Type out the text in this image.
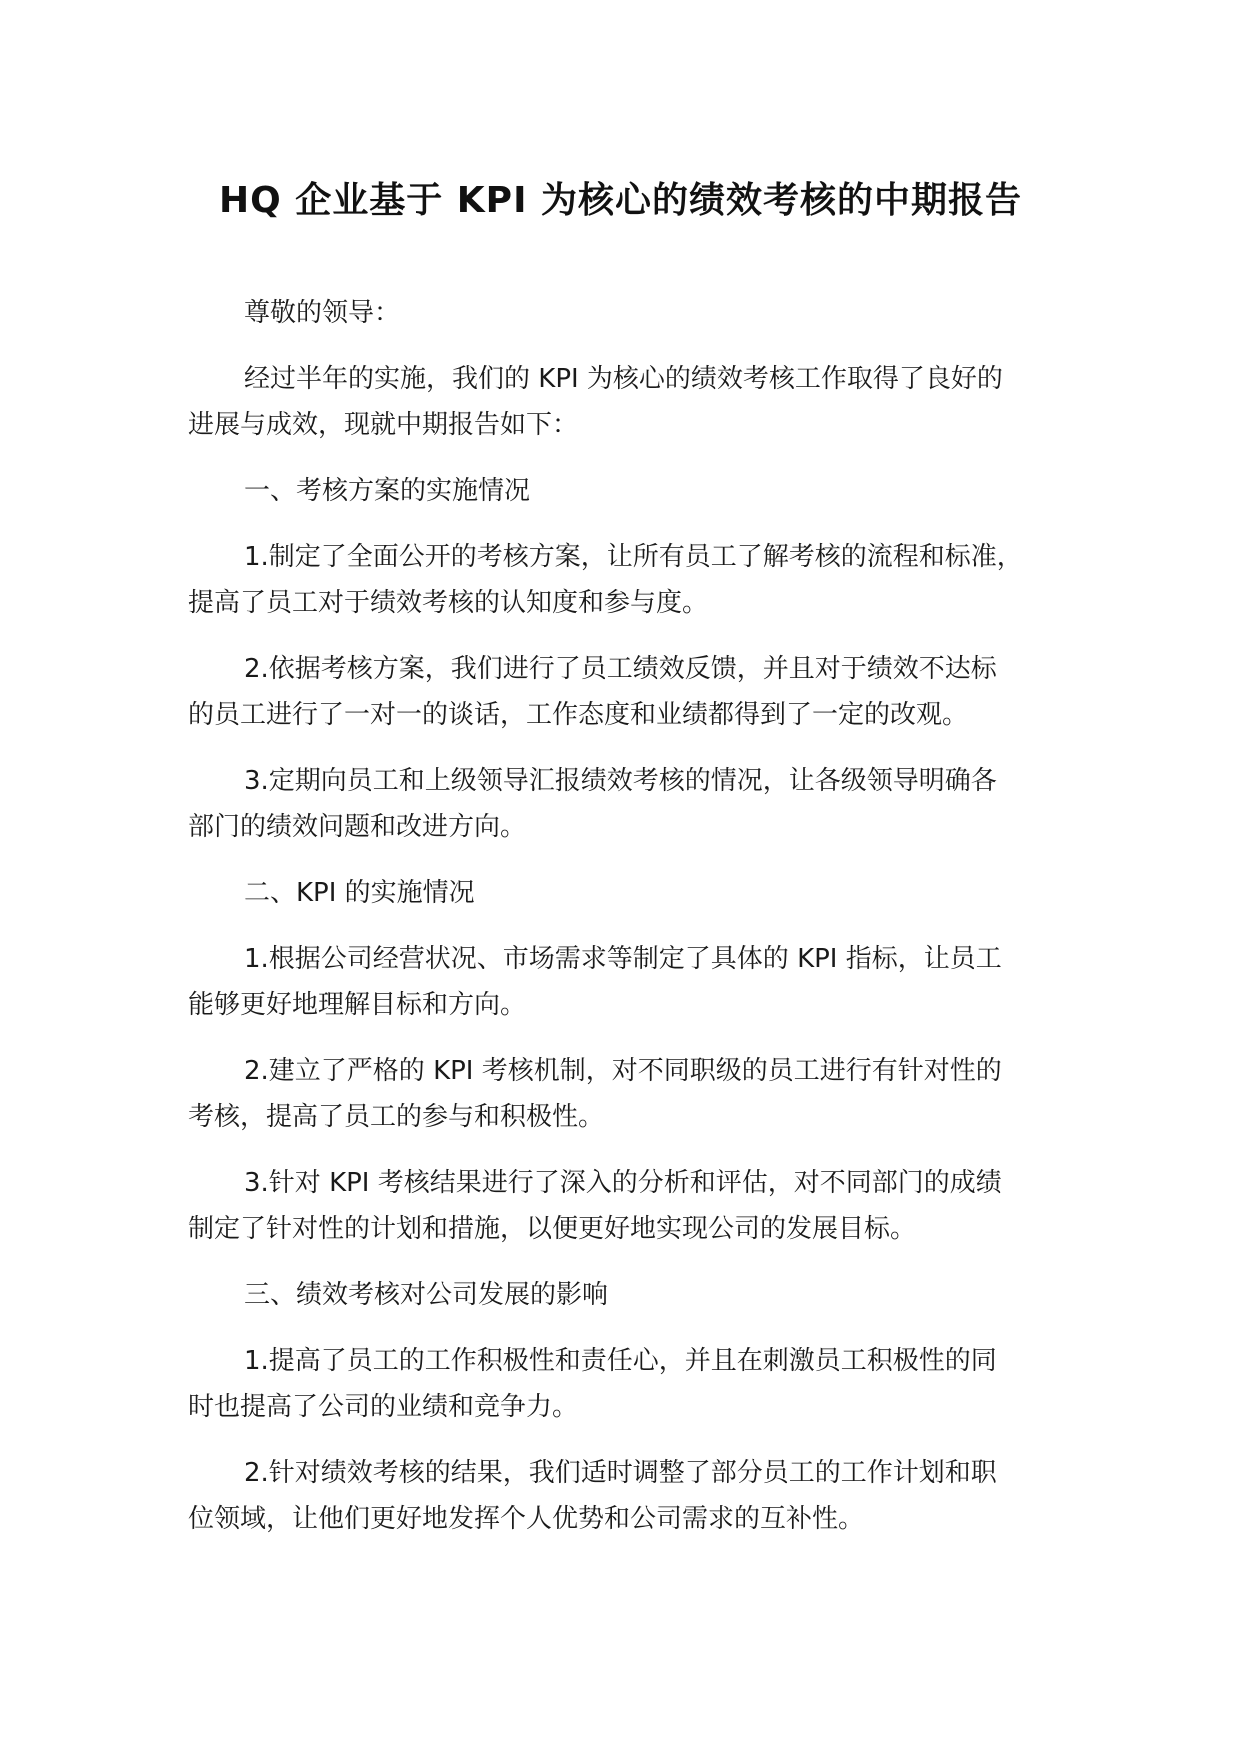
HQ 企业基于 KPI 为核心的绩效考核的中期报告

尊敬的领导：

经过半年的实施，我们的 KPI 为核心的绩效考核工作取得了良好的
进展与成效，现就中期报告如下：

一、考核方案的实施情况

1.制定了全面公开的考核方案，让所有员工了解考核的流程和标准，
提高了员工对于绩效考核的认知度和参与度。

2.依据考核方案，我们进行了员工绩效反馈，并且对于绩效不达标
的员工进行了一对一的谈话，工作态度和业绩都得到了一定的改观。

3.定期向员工和上级领导汇报绩效考核的情况，让各级领导明确各
部门的绩效问题和改进方向。

二、KPI 的实施情况

1.根据公司经营状况、市场需求等制定了具体的 KPI 指标，让员工
能够更好地理解目标和方向。

2.建立了严格的 KPI 考核机制，对不同职级的员工进行有针对性的
考核，提高了员工的参与和积极性。

3.针对 KPI 考核结果进行了深入的分析和评估，对不同部门的成绩
制定了针对性的计划和措施，以便更好地实现公司的发展目标。

三、绩效考核对公司发展的影响

1.提高了员工的工作积极性和责任心，并且在刺激员工积极性的同
时也提高了公司的业绩和竞争力。

2.针对绩效考核的结果，我们适时调整了部分员工的工作计划和职
位领域，让他们更好地发挥个人优势和公司需求的互补性。
